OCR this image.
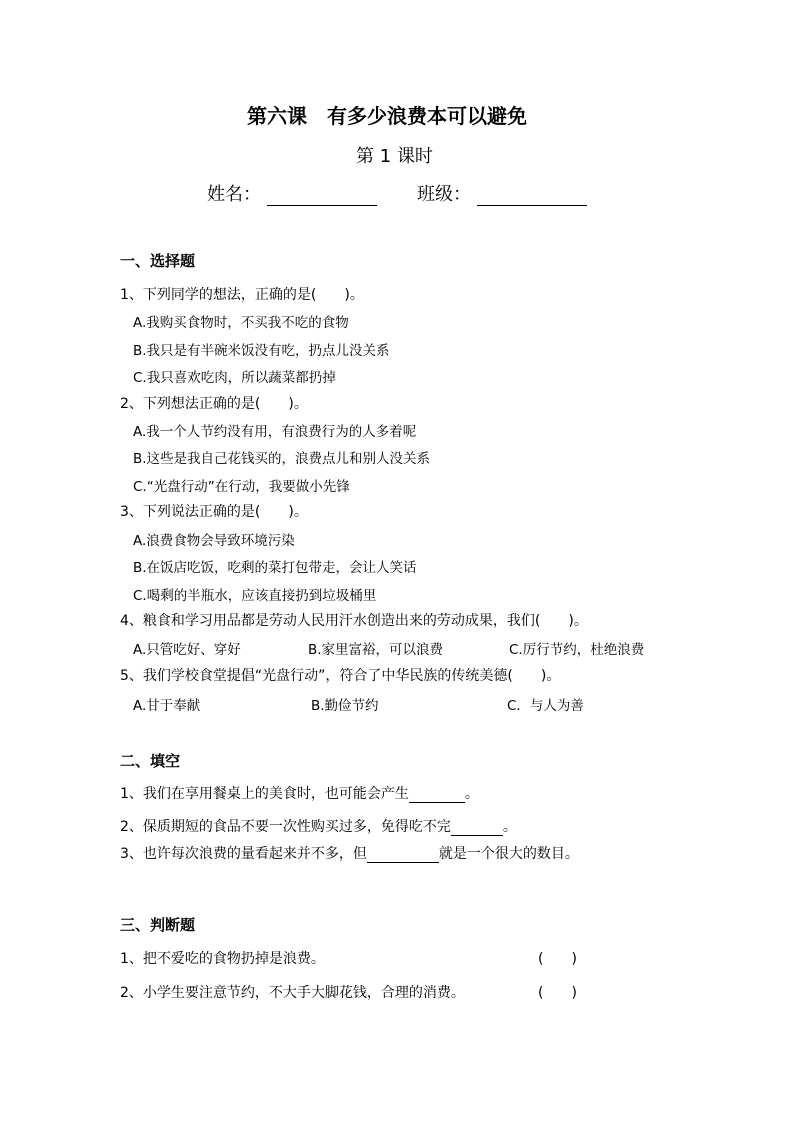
第六课　有多少浪费本可以避免
第 1 课时
姓名：	班级：
一、选择题
1、下列同学的想法，正确的是(　　)。
A.我购买食物时，不买我不吃的食物
B.我只是有半碗米饭没有吃，扔点儿没关系
C.我只喜欢吃肉，所以蔬菜都扔掉
2、下列想法正确的是(　　)。
A.我一个人节约没有用，有浪费行为的人多着呢
B.这些是我自己花钱买的，浪费点儿和别人没关系
C.“光盘行动”在行动，我要做小先锋
3、下列说法正确的是(　　)。
A.浪费食物会导致环境污染
B.在饭店吃饭，吃剩的菜打包带走，会让人笑话
C.喝剩的半瓶水，应该直接扔到垃圾桶里
4、粮食和学习用品都是劳动人民用汗水创造出来的劳动成果，我们(　　)。
A.只管吃好、穿好	B.家里富裕，可以浪费	C.厉行节约，杜绝浪费
5、我们学校食堂提倡“光盘行动”，符合了中华民族的传统美德(　　)。
A.甘于奉献	B.勤俭节约	C．与人为善
二、填空
1、我们在享用餐桌上的美食时，也可能会产生	。
2、保质期短的食品不要一次性购买过多，免得吃不完	。
3、也许每次浪费的量看起来并不多，但	就是一个很大的数目。
三、判断题
1、把不爱吃的食物扔掉是浪费。	(　　)
2、小学生要注意节约，不大手大脚花钱，合理的消费。	(　　)
